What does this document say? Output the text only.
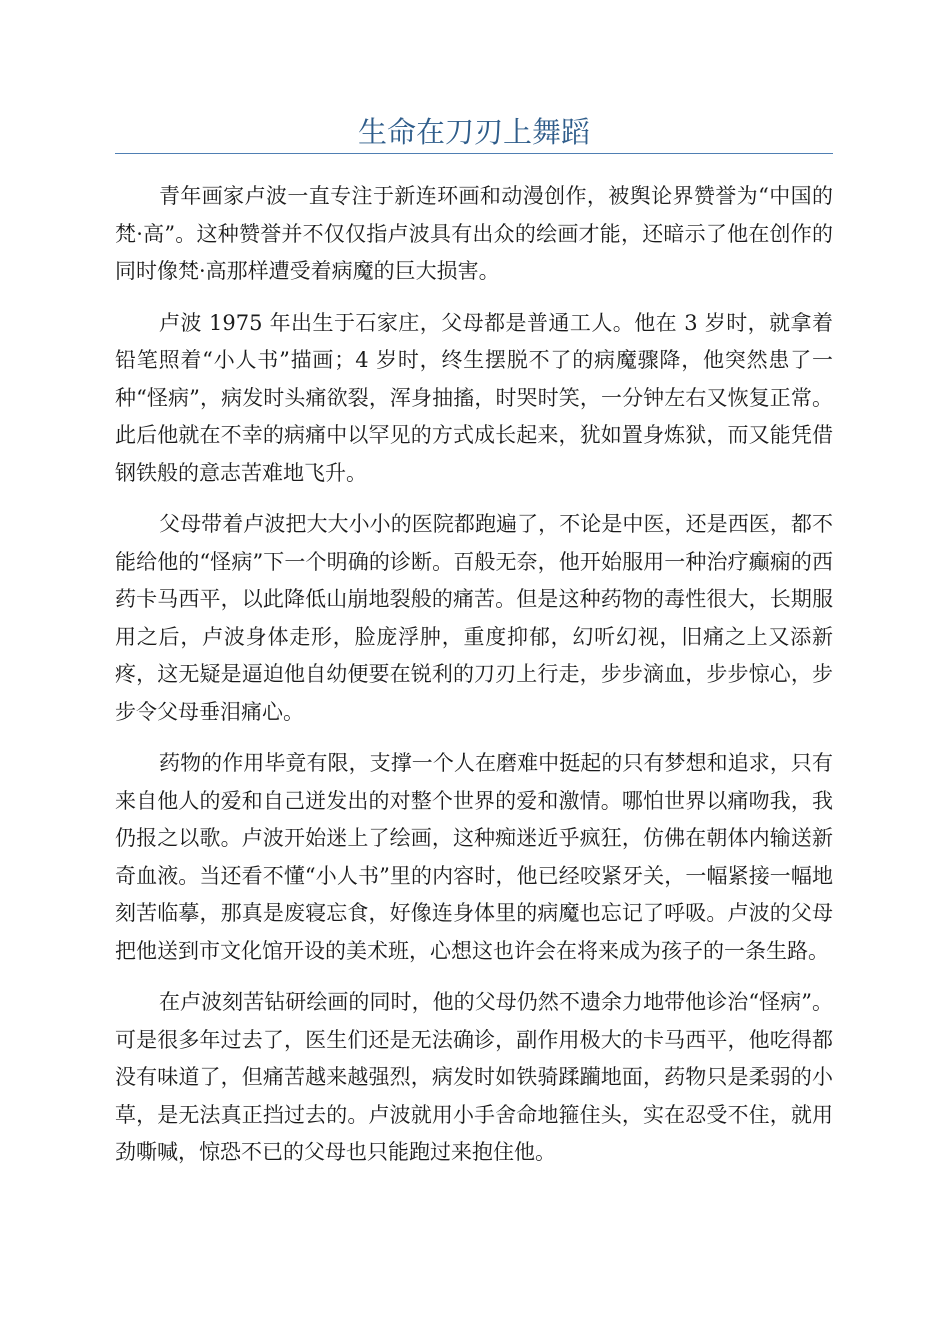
生命在刀刃上舞蹈

青年画家卢波一直专注于新连环画和动漫创作，被舆论界赞誉为“中国的梵·高”。这种赞誉并不仅仅指卢波具有出众的绘画才能，还暗示了他在创作的同时像梵·高那样遭受着病魔的巨大损害。

卢波 1975 年出生于石家庄，父母都是普通工人。他在 3 岁时，就拿着铅笔照着“小人书”描画；4 岁时，终生摆脱不了的病魔骤降，他突然患了一种“怪病”，病发时头痛欲裂，浑身抽搐，时哭时笑，一分钟左右又恢复正常。此后他就在不幸的病痛中以罕见的方式成长起来，犹如置身炼狱，而又能凭借钢铁般的意志苦难地飞升。

父母带着卢波把大大小小的医院都跑遍了，不论是中医，还是西医，都不能给他的“怪病”下一个明确的诊断。百般无奈，他开始服用一种治疗癫痫的西药卡马西平，以此降低山崩地裂般的痛苦。但是这种药物的毒性很大，长期服用之后，卢波身体走形，脸庞浮肿，重度抑郁，幻听幻视，旧痛之上又添新疼，这无疑是逼迫他自幼便要在锐利的刀刃上行走，步步滴血，步步惊心，步步令父母垂泪痛心。

药物的作用毕竟有限，支撑一个人在磨难中挺起的只有梦想和追求，只有来自他人的爱和自己迸发出的对整个世界的爱和激情。哪怕世界以痛吻我，我仍报之以歌。卢波开始迷上了绘画，这种痴迷近乎疯狂，仿佛在朝体内输送新奇血液。当还看不懂“小人书”里的内容时，他已经咬紧牙关，一幅紧接一幅地刻苦临摹，那真是废寝忘食，好像连身体里的病魔也忘记了呼吸。卢波的父母把他送到市文化馆开设的美术班，心想这也许会在将来成为孩子的一条生路。

在卢波刻苦钻研绘画的同时，他的父母仍然不遗余力地带他诊治“怪病”。可是很多年过去了，医生们还是无法确诊，副作用极大的卡马西平，他吃得都没有味道了，但痛苦越来越强烈，病发时如铁骑蹂躏地面，药物只是柔弱的小草，是无法真正挡过去的。卢波就用小手舍命地箍住头，实在忍受不住，就用劲嘶喊，惊恐不已的父母也只能跑过来抱住他。
